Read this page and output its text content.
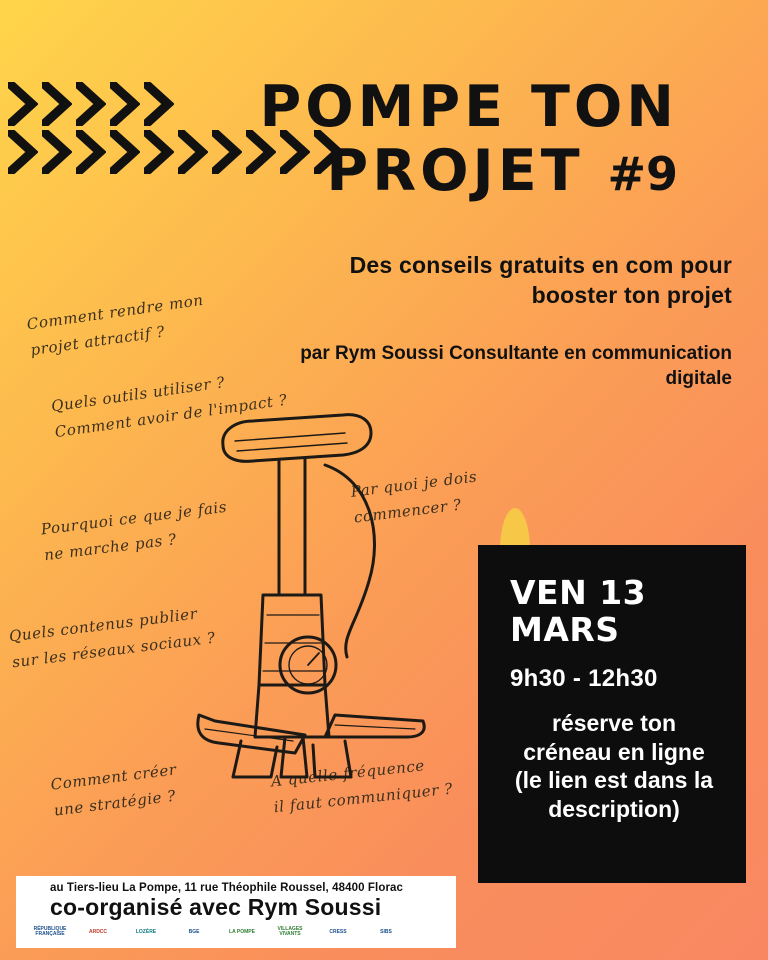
POMPE TON
PROJET #9
Des conseils gratuits en com pour booster ton projet
par Rym Soussi Consultante en communication digitale
Comment rendre mon
projet attractif ?
Quels outils utiliser ?
Comment avoir de l'impact ?
Pourquoi ce que je fais
ne marche pas ?
Quels contenus publier
sur les réseaux sociaux ?
Comment créer
une stratégie ?
A quelle fréquence
il faut communiquer ?
Par quoi je dois
commencer ?
VEN 13 MARS
9h30 - 12h30
réserve ton créneau en ligne (le lien est dans la description)
au Tiers-lieu La Pompe, 11 rue Théophile Roussel, 48400 Florac
co-organisé avec Rym Soussi
RÉPUBLIQUE FRANÇAISE	ARDCC	LOZÈRE	BGE	LA POMPE	VILLAGES VIVANTS	CRESS	SIBS
